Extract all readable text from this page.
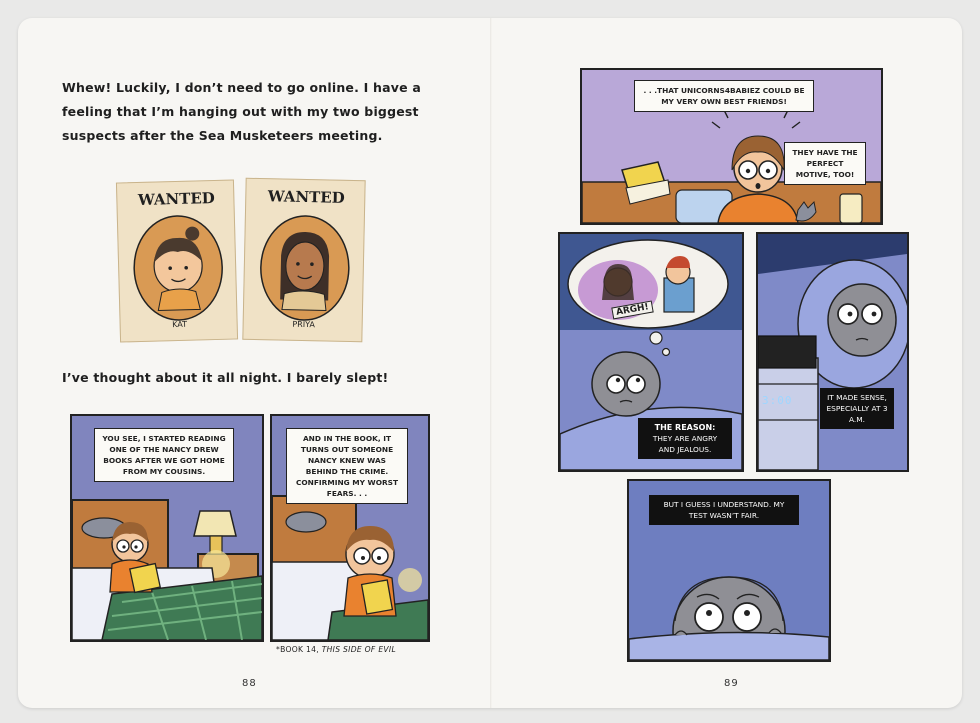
Whew! Luckily, I don’t need to go online. I have a feeling that I’m hanging out with my two biggest suspects after the Sea Musketeers meeting.
WANTED
KAT
WANTED
PRIYA
I’ve thought about it all night. I barely slept!
YOU SEE, I STARTED READING ONE OF THE NANCY DREW BOOKS AFTER WE GOT HOME FROM MY COUSINS.
AND IN THE BOOK, IT TURNS OUT SOMEONE NANCY KNEW WAS BEHIND THE CRIME. CONFIRMING MY WORST FEARS. . .
*BOOK 14, THIS SIDE OF EVIL
88
. . .THAT UNICORNS4BABIEZ COULD BE MY VERY OWN BEST FRIENDS!
THEY HAVE THE PERFECT MOTIVE, TOO!
ARGH!
THE REASON:
THEY ARE ANGRY AND JEALOUS.
3:00	IT MADE SENSE, ESPECIALLY AT 3 A.M.
BUT I GUESS I UNDERSTAND. MY TEST WASN’T FAIR.
89
